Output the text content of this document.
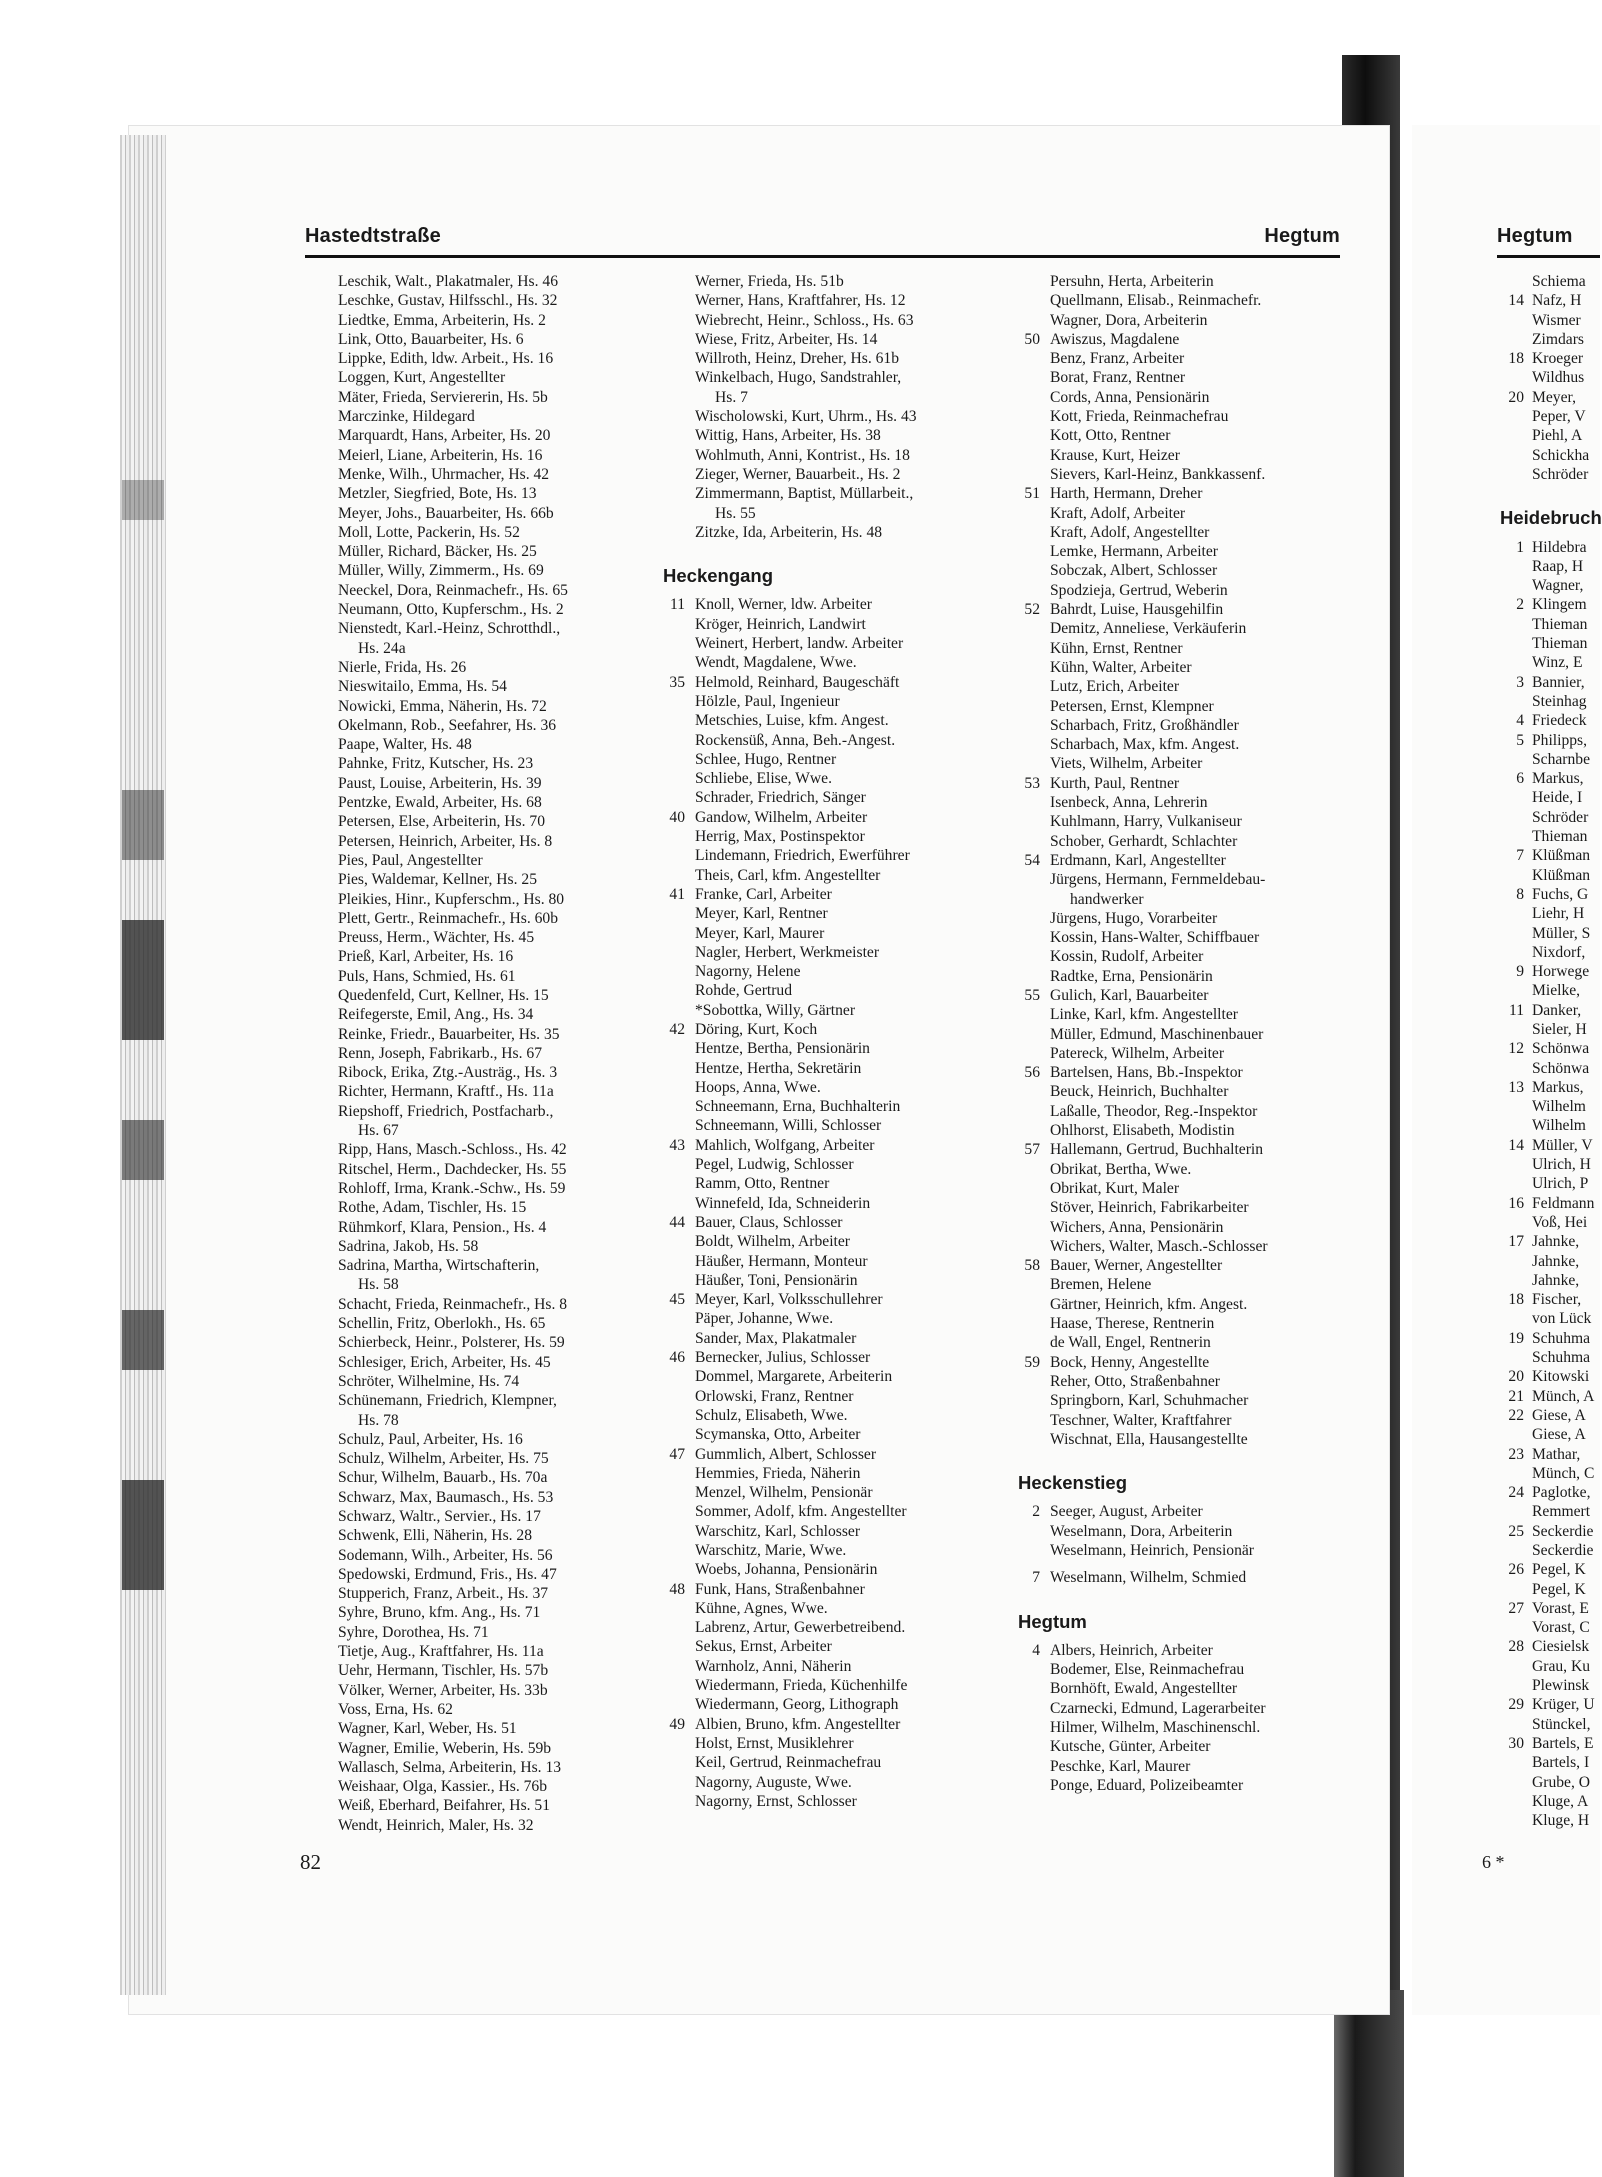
Hastedtstraße	Hegtum	Hegtum
Leschik, Walt., Plakatmaler, Hs. 46
Leschke, Gustav, Hilfsschl., Hs. 32
Liedtke, Emma, Arbeiterin, Hs. 2
Link, Otto, Bauarbeiter, Hs. 6
Lippke, Edith, ldw. Arbeit., Hs. 16
Loggen, Kurt, Angestellter
Mäter, Frieda, Serviererin, Hs. 5b
Marczinke, Hildegard
Marquardt, Hans, Arbeiter, Hs. 20
Meierl, Liane, Arbeiterin, Hs. 16
Menke, Wilh., Uhrmacher, Hs. 42
Metzler, Siegfried, Bote, Hs. 13
Meyer, Johs., Bauarbeiter, Hs. 66b
Moll, Lotte, Packerin, Hs. 52
Müller, Richard, Bäcker, Hs. 25
Müller, Willy, Zimmerm., Hs. 69
Neeckel, Dora, Reinmachefr., Hs. 65
Neumann, Otto, Kupferschm., Hs. 2
Nienstedt, Karl.-Heinz, Schrotthdl.,
Hs. 24a
Nierle, Frida, Hs. 26
Nieswitailo, Emma, Hs. 54
Nowicki, Emma, Näherin, Hs. 72
Okelmann, Rob., Seefahrer, Hs. 36
Paape, Walter, Hs. 48
Pahnke, Fritz, Kutscher, Hs. 23
Paust, Louise, Arbeiterin, Hs. 39
Pentzke, Ewald, Arbeiter, Hs. 68
Petersen, Else, Arbeiterin, Hs. 70
Petersen, Heinrich, Arbeiter, Hs. 8
Pies, Paul, Angestellter
Pies, Waldemar, Kellner, Hs. 25
Pleikies, Hinr., Kupferschm., Hs. 80
Plett, Gertr., Reinmachefr., Hs. 60b
Preuss, Herm., Wächter, Hs. 45
Prieß, Karl, Arbeiter, Hs. 16
Puls, Hans, Schmied, Hs. 61
Quedenfeld, Curt, Kellner, Hs. 15
Reifegerste, Emil, Ang., Hs. 34
Reinke, Friedr., Bauarbeiter, Hs. 35
Renn, Joseph, Fabrikarb., Hs. 67
Ribock, Erika, Ztg.-Austräg., Hs. 3
Richter, Hermann, Kraftf., Hs. 11a
Riepshoff, Friedrich, Postfacharb.,
Hs. 67
Ripp, Hans, Masch.-Schloss., Hs. 42
Ritschel, Herm., Dachdecker, Hs. 55
Rohloff, Irma, Krank.-Schw., Hs. 59
Rothe, Adam, Tischler, Hs. 15
Rühmkorf, Klara, Pension., Hs. 4
Sadrina, Jakob, Hs. 58
Sadrina, Martha, Wirtschafterin,
Hs. 58
Schacht, Frieda, Reinmachefr., Hs. 8
Schellin, Fritz, Oberlokh., Hs. 65
Schierbeck, Heinr., Polsterer, Hs. 59
Schlesiger, Erich, Arbeiter, Hs. 45
Schröter, Wilhelmine, Hs. 74
Schünemann, Friedrich, Klempner,
Hs. 78
Schulz, Paul, Arbeiter, Hs. 16
Schulz, Wilhelm, Arbeiter, Hs. 75
Schur, Wilhelm, Bauarb., Hs. 70a
Schwarz, Max, Baumasch., Hs. 53
Schwarz, Waltr., Servier., Hs. 17
Schwenk, Elli, Näherin, Hs. 28
Sodemann, Wilh., Arbeiter, Hs. 56
Spedowski, Erdmund, Fris., Hs. 47
Stupperich, Franz, Arbeit., Hs. 37
Syhre, Bruno, kfm. Ang., Hs. 71
Syhre, Dorothea, Hs. 71
Tietje, Aug., Kraftfahrer, Hs. 11a
Uehr, Hermann, Tischler, Hs. 57b
Völker, Werner, Arbeiter, Hs. 33b
Voss, Erna, Hs. 62
Wagner, Karl, Weber, Hs. 51
Wagner, Emilie, Weberin, Hs. 59b
Wallasch, Selma, Arbeiterin, Hs. 13
Weishaar, Olga, Kassier., Hs. 76b
Weiß, Eberhard, Beifahrer, Hs. 51
Wendt, Heinrich, Maler, Hs. 32
Werner, Frieda, Hs. 51b
Werner, Hans, Kraftfahrer, Hs. 12
Wiebrecht, Heinr., Schloss., Hs. 63
Wiese, Fritz, Arbeiter, Hs. 14
Willroth, Heinz, Dreher, Hs. 61b
Winkelbach, Hugo, Sandstrahler,
Hs. 7
Wischolowski, Kurt, Uhrm., Hs. 43
Wittig, Hans, Arbeiter, Hs. 38
Wohlmuth, Anni, Kontrist., Hs. 18
Zieger, Werner, Bauarbeit., Hs. 2
Zimmermann, Baptist, Müllarbeit.,
Hs. 55
Zitzke, Ida, Arbeiterin, Hs. 48
Heckengang
11 Knoll, Werner, ldw. Arbeiter
Kröger, Heinrich, Landwirt
Weinert, Herbert, landw. Arbeiter
Wendt, Magdalene, Wwe.
35 Helmold, Reinhard, Baugeschäft
Hölzle, Paul, Ingenieur
Metschies, Luise, kfm. Angest.
Rockensüß, Anna, Beh.-Angest.
Schlee, Hugo, Rentner
Schliebe, Elise, Wwe.
Schrader, Friedrich, Sänger
40 Gandow, Wilhelm, Arbeiter
Herrig, Max, Postinspektor
Lindemann, Friedrich, Ewerführer
Theis, Carl, kfm. Angestellter
41 Franke, Carl, Arbeiter
Meyer, Karl, Rentner
Meyer, Karl, Maurer
Nagler, Herbert, Werkmeister
Nagorny, Helene
Rohde, Gertrud
*Sobottka, Willy, Gärtner
42 Döring, Kurt, Koch
Hentze, Bertha, Pensionärin
Hentze, Hertha, Sekretärin
Hoops, Anna, Wwe.
Schneemann, Erna, Buchhalterin
Schneemann, Willi, Schlosser
43 Mahlich, Wolfgang, Arbeiter
Pegel, Ludwig, Schlosser
Ramm, Otto, Rentner
Winnefeld, Ida, Schneiderin
44 Bauer, Claus, Schlosser
Boldt, Wilhelm, Arbeiter
Häußer, Hermann, Monteur
Häußer, Toni, Pensionärin
45 Meyer, Karl, Volksschullehrer
Päper, Johanne, Wwe.
Sander, Max, Plakatmaler
46 Bernecker, Julius, Schlosser
Dommel, Margarete, Arbeiterin
Orlowski, Franz, Rentner
Schulz, Elisabeth, Wwe.
Scymanska, Otto, Arbeiter
47 Gummlich, Albert, Schlosser
Hemmies, Frieda, Näherin
Menzel, Wilhelm, Pensionär
Sommer, Adolf, kfm. Angestellter
Warschitz, Karl, Schlosser
Warschitz, Marie, Wwe.
Woebs, Johanna, Pensionärin
48 Funk, Hans, Straßenbahner
Kühne, Agnes, Wwe.
Labrenz, Artur, Gewerbetreibend.
Sekus, Ernst, Arbeiter
Warnholz, Anni, Näherin
Wiedermann, Frieda, Küchenhilfe
Wiedermann, Georg, Lithograph
49 Albien, Bruno, kfm. Angestellter
Holst, Ernst, Musiklehrer
Keil, Gertrud, Reinmachefrau
Nagorny, Auguste, Wwe.
Nagorny, Ernst, Schlosser
Persuhn, Herta, Arbeiterin
Quellmann, Elisab., Reinmachefr.
Wagner, Dora, Arbeiterin
50 Awiszus, Magdalene
Benz, Franz, Arbeiter
Borat, Franz, Rentner
Cords, Anna, Pensionärin
Kott, Frieda, Reinmachefrau
Kott, Otto, Rentner
Krause, Kurt, Heizer
Sievers, Karl-Heinz, Bankkassenf.
51 Harth, Hermann, Dreher
Kraft, Adolf, Arbeiter
Kraft, Adolf, Angestellter
Lemke, Hermann, Arbeiter
Sobczak, Albert, Schlosser
Spodzieja, Gertrud, Weberin
52 Bahrdt, Luise, Hausgehilfin
Demitz, Anneliese, Verkäuferin
Kühn, Ernst, Rentner
Kühn, Walter, Arbeiter
Lutz, Erich, Arbeiter
Petersen, Ernst, Klempner
Scharbach, Fritz, Großhändler
Scharbach, Max, kfm. Angest.
Viets, Wilhelm, Arbeiter
53 Kurth, Paul, Rentner
Isenbeck, Anna, Lehrerin
Kuhlmann, Harry, Vulkaniseur
Schober, Gerhardt, Schlachter
54 Erdmann, Karl, Angestellter
Jürgens, Hermann, Fernmeldebau-
handwerker
Jürgens, Hugo, Vorarbeiter
Kossin, Hans-Walter, Schiffbauer
Kossin, Rudolf, Arbeiter
Radtke, Erna, Pensionärin
55 Gulich, Karl, Bauarbeiter
Linke, Karl, kfm. Angestellter
Müller, Edmund, Maschinenbauer
Patereck, Wilhelm, Arbeiter
56 Bartelsen, Hans, Bb.-Inspektor
Beuck, Heinrich, Buchhalter
Laßalle, Theodor, Reg.-Inspektor
Ohlhorst, Elisabeth, Modistin
57 Hallemann, Gertrud, Buchhalterin
Obrikat, Bertha, Wwe.
Obrikat, Kurt, Maler
Stöver, Heinrich, Fabrikarbeiter
Wichers, Anna, Pensionärin
Wichers, Walter, Masch.-Schlosser
58 Bauer, Werner, Angestellter
Bremen, Helene
Gärtner, Heinrich, kfm. Angest.
Haase, Therese, Rentnerin
de Wall, Engel, Rentnerin
59 Bock, Henny, Angestellte
Reher, Otto, Straßenbahner
Springborn, Karl, Schuhmacher
Teschner, Walter, Kraftfahrer
Wischnat, Ella, Hausangestellte
Heckenstieg
2 Seeger, August, Arbeiter
Weselmann, Dora, Arbeiterin
Weselmann, Heinrich, Pensionär
7 Weselmann, Wilhelm, Schmied
Hegtum
4 Albers, Heinrich, Arbeiter
Bodemer, Else, Reinmachefrau
Bornhöft, Ewald, Angestellter
Czarnecki, Edmund, Lagerarbeiter
Hilmer, Wilhelm, Maschinenschl.
Kutsche, Günter, Arbeiter
Peschke, Karl, Maurer
Ponge, Eduard, Polizeibeamter
Schiema
14 Nafz, H
Wismer
Zimdars
18 Kroeger
Wildhus
20 Meyer,
Peper, V
Piehl, A
Schickha
Schröder
Heidebruch
1 Hildebra
Raap, H
Wagner,
2 Klingem
Thieman
Thieman
Winz, E
3 Bannier,
Steinhag
4 Friedeck
5 Philipps,
Scharnbe
6 Markus,
Heide, I
Schröder
Thieman
7 Klüßman
Klüßman
8 Fuchs, G
Liehr, H
Müller, S
Nixdorf,
9 Horwege
Mielke,
11 Danker,
Sieler, H
12 Schönwa
Schönwa
13 Markus,
Wilhelm
Wilhelm
14 Müller, V
Ulrich, H
Ulrich, P
16 Feldmann
Voß, Hei
17 Jahnke,
Jahnke,
Jahnke,
18 Fischer,
von Lück
19 Schuhma
Schuhma
20 Kitowski
21 Münch, A
22 Giese, A
Giese, A
23 Mathar,
Münch, C
24 Paglotke,
Remmert
25 Seckerdie
Seckerdie
26 Pegel, K
Pegel, K
27 Vorast, E
Vorast, C
28 Ciesielsk
Grau, Ku
Plewinsk
29 Krüger, U
Stünckel,
30 Bartels, E
Bartels, I
Grube, O
Kluge, A
Kluge, H
82	6 *
